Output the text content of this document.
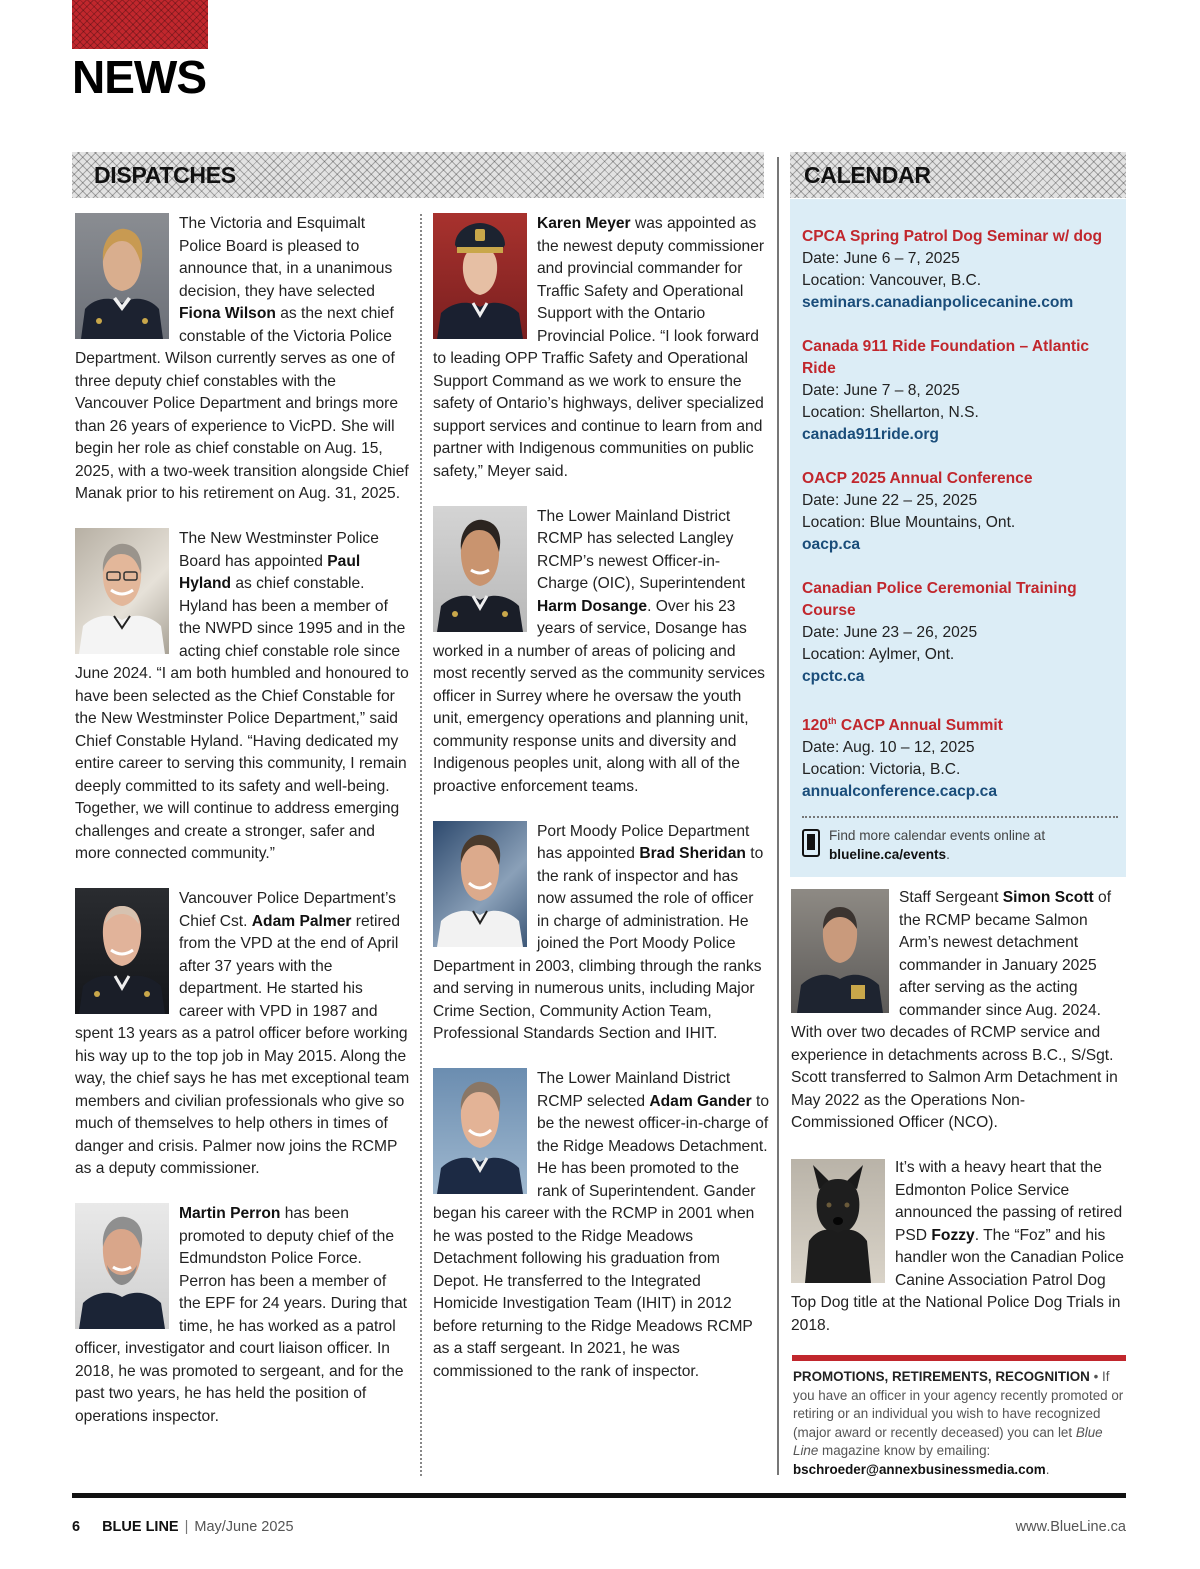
NEWS
DISPATCHES	CALENDAR

The Victoria and Esquimalt Police Board is pleased to announce that, in a unanimous decision, they have selected Fiona Wilson as the next chief constable of the Victoria Police Department. Wilson currently serves as one of three deputy chief constables with the Vancouver Police Department and brings more than 26 years of experience to VicPD. She will begin her role as chief constable on Aug. 15, 2025, with a two-week transition alongside Chief Manak prior to his retirement on Aug. 31, 2025.

The New Westminster Police Board has appointed Paul Hyland as chief constable. Hyland has been a member of the NWPD since 1995 and in the acting chief constable role since June 2024. “I am both humbled and honoured to have been selected as the Chief Constable for the New Westminster Police Department,” said Chief Constable Hyland. “Having dedicated my entire career to serving this community, I remain deeply committed to its safety and well-being. Together, we will continue to address emerging challenges and create a stronger, safer and more connected community.”

Vancouver Police Department’s Chief Cst. Adam Palmer retired from the VPD at the end of April after 37 years with the department. He started his career with VPD in 1987 and spent 13 years as a patrol officer before working his way up to the top job in May 2015. Along the way, the chief says he has met exceptional team members and civilian professionals who give so much of themselves to help others in times of danger and crisis. Palmer now joins the RCMP as a deputy commissioner.

Martin Perron has been promoted to deputy chief of the Edmundston Police Force. Perron has been a member of the EPF for 24 years. During that time, he has worked as a patrol officer, investigator and court liaison officer. In 2018, he was promoted to sergeant, and for the past two years, he has held the position of operations inspector.

Karen Meyer was appointed as the newest deputy commissioner and provincial commander for Traffic Safety and Operational Support with the Ontario Provincial Police. “I look forward to leading OPP Traffic Safety and Operational Support Command as we work to ensure the safety of Ontario’s highways, deliver specialized support services and continue to learn from and partner with Indigenous communities on public safety,” Meyer said.

The Lower Mainland District RCMP has selected Langley RCMP’s newest Officer-in-Charge (OIC), Superintendent Harm Dosange. Over his 23 years of service, Dosange has worked in a number of areas of policing and most recently served as the community services officer in Surrey where he oversaw the youth unit, emergency operations and planning unit, community response units and diversity and Indigenous peoples unit, along with all of the proactive enforcement teams.

Port Moody Police Department has appointed Brad Sheridan to the rank of inspector and has now assumed the role of officer in charge of administration. He joined the Port Moody Police Department in 2003, climbing through the ranks and serving in numerous units, including Major Crime Section, Community Action Team, Professional Standards Section and IHIT.

The Lower Mainland District RCMP selected Adam Gander to be the newest officer-in-charge of the Ridge Meadows Detachment. He has been promoted to the rank of Superintendent. Gander began his career with the RCMP in 2001 when he was posted to the Ridge Meadows Detachment following his graduation from Depot. He transferred to the Integrated Homicide Investigation Team (IHIT) in 2012 before returning to the Ridge Meadows RCMP as a staff sergeant. In 2021, he was commissioned to the rank of inspector.

CPCA Spring Patrol Dog Seminar w/ dog
Date: June 6 – 7, 2025
Location: Vancouver, B.C.
seminars.canadianpolicecanine.com
Canada 911 Ride Foundation – Atlantic Ride
Date: June 7 – 8, 2025
Location: Shellarton, N.S.
canada911ride.org
OACP 2025 Annual Conference
Date: June 22 – 25, 2025
Location: Blue Mountains, Ont.
oacp.ca
Canadian Police Ceremonial Training Course
Date: June 23 – 26, 2025
Location: Aylmer, Ont.
cpctc.ca
120th CACP Annual Summit
Date: Aug. 10 – 12, 2025
Location: Victoria, B.C.
annualconference.cacp.ca
Find more calendar events online at
blueline.ca/events.

Staff Sergeant Simon Scott of the RCMP became Salmon Arm’s newest detachment commander in January 2025 after serving as the acting commander since Aug. 2024. With over two decades of RCMP service and experience in detachments across B.C., S/Sgt. Scott transferred to Salmon Arm Detachment in May 2022 as the Operations Non-Commissioned Officer (NCO).

It’s with a heavy heart that the Edmonton Police Service announced the passing of retired PSD Fozzy. The “Foz” and his handler won the Canadian Police Canine Association Patrol Dog Top Dog title at the National Police Dog Trials in 2018.

PROMOTIONS, RETIREMENTS, RECOGNITION • If you have an officer in your agency recently promoted or retiring or an individual you wish to have recognized (major award or recently deceased) you can let Blue Line magazine know by emailing: bschroeder@annexbusinessmedia.com.
6 BLUE LINE | May/June 2025	www.BlueLine.ca
